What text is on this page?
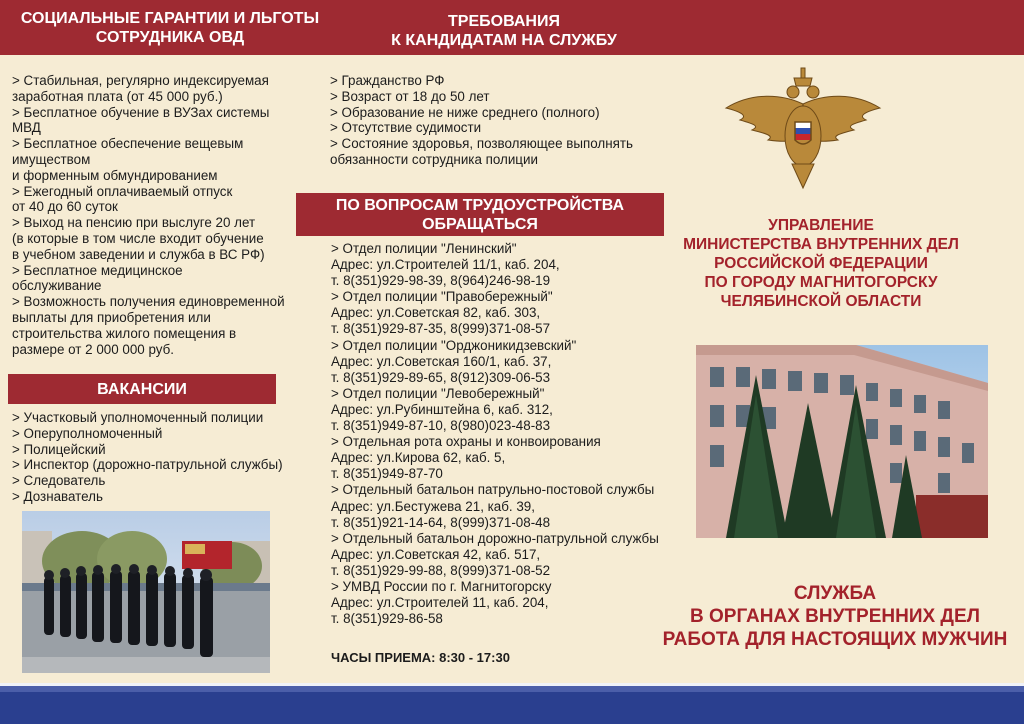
СОЦИАЛЬНЫЕ ГАРАНТИИ И ЛЬГОТЫ
СОТРУДНИКА ОВД
ТРЕБОВАНИЯ
К КАНДИДАТАМ НА СЛУЖБУ
> Стабильная, регулярно индексируемая
заработная плата (от 45 000 руб.)
> Бесплатное обучение в ВУЗах системы
МВД
> Бесплатное обеспечение вещевым
имуществом
и форменным обмундированием
> Ежегодный оплачиваемый отпуск
от 40 до 60 суток
> Выход на пенсию при выслуге 20 лет
(в которые в том числе входит обучение
в учебном заведении и служба в ВС РФ)
> Бесплатное медицинское
обслуживание
> Возможность получения единовременной
выплаты для приобретения или
строительства жилого помещения в
размере от 2 000 000 руб.
ВАКАНСИИ
> Участковый уполномоченный полиции
> Оперуполномоченный
> Полицейский
> Инспектор (дорожно-патрульной службы)
> Следователь
> Дознаватель
> Гражданство РФ
> Возраст от 18 до 50 лет
> Образование не ниже среднего (полного)
> Отсутствие судимости
> Состояние здоровья, позволяющее выполнять
обязанности сотрудника полиции
ПО ВОПРОСАМ ТРУДОУСТРОЙСТВА
ОБРАЩАТЬСЯ
> Отдел полиции "Ленинский"
Адрес: ул.Строителей 11/1, каб. 204,
т. 8(351)929-98-39, 8(964)246-98-19
> Отдел полиции "Правобережный"
Адрес: ул.Советская 82, каб. 303,
т. 8(351)929-87-35, 8(999)371-08-57
> Отдел полиции "Орджоникидзевский"
Адрес: ул.Советская 160/1, каб. 37,
т. 8(351)929-89-65, 8(912)309-06-53
> Отдел полиции "Левобережный"
Адрес: ул.Рубинштейна 6, каб. 312,
т. 8(351)949-87-10, 8(980)023-48-83
> Отдельная рота охраны и конвоирования
Адрес: ул.Кирова 62, каб. 5,
т. 8(351)949-87-70
> Отдельный батальон патрульно-постовой службы
Адрес: ул.Бестужева 21, каб. 39,
т. 8(351)921-14-64, 8(999)371-08-48
> Отдельный батальон дорожно-патрульной службы
Адрес: ул.Советская 42, каб. 517,
т. 8(351)929-99-88, 8(999)371-08-52
> УМВД России по г. Магнитогорску
Адрес: ул.Строителей 11, каб. 204,
т. 8(351)929-86-58
ЧАСЫ ПРИЕМА: 8:30 - 17:30
УПРАВЛЕНИЕ
МИНИСТЕРСТВА ВНУТРЕННИХ ДЕЛ
РОССИЙСКОЙ ФЕДЕРАЦИИ
ПО ГОРОДУ МАГНИТОГОРСКУ
ЧЕЛЯБИНСКОЙ ОБЛАСТИ
СЛУЖБА
В ОРГАНАХ ВНУТРЕННИХ ДЕЛ
РАБОТА ДЛЯ НАСТОЯЩИХ МУЖЧИН
